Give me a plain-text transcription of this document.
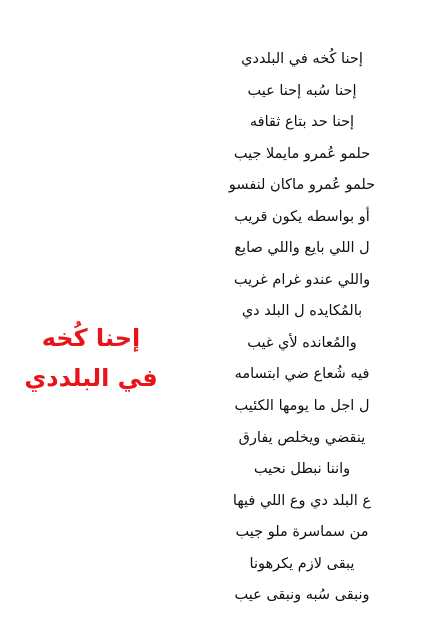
إحنا كُخه
في البلددي
إحنا كُخه في البلددي
إحنا سُبه إحنا عيب
إحنا حد بتاع ثقافه
حلمو عُمرو مايملا جيب
حلمو عُمرو ماكان لنفسو
أو بواسطه يكون قريب
ل اللي بايع واللي صايع
واللي عندو غرام غريب
بالمُكايده ل البلد دي
والمُعانده لأي غيب
فيه شُعاع ضي ابتسامه
ل اجل ما يومها الكئيب
ينقضي ويخلص يفارق
واننا نبطل نحيب
ع البلد دي وع اللي فيها
من سماسرة ملو جيب
يبقى لازم يكرهونا
ونبقى سُبه ونبقى عيب
